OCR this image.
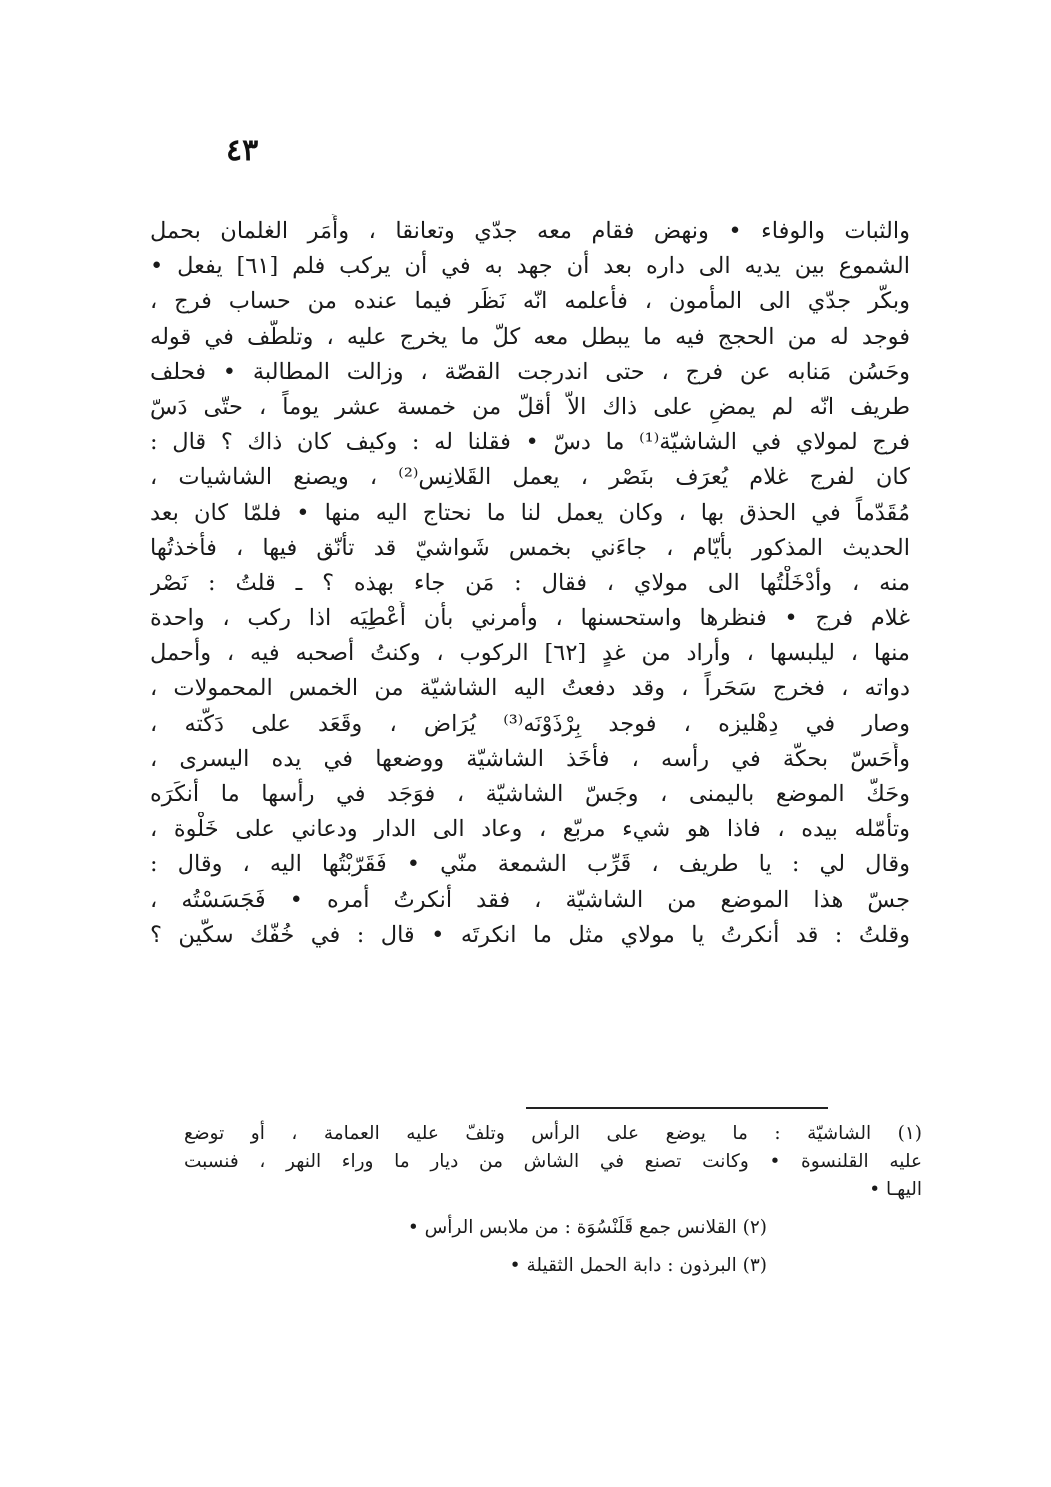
٤٣
والثبات والوفاء • ونهض فقام معه جدّي وتعانقا ، وأَمَر الغلمان بحمل
الشموع بين يديه الى داره بعد أن جهد به في أن يركب فلم [٦١] يفعل •
وبكّر جدّي الى المأمون ، فأعلمه انّه نَظَر فيما عنده من حساب فرج ،
فوجد له من الحجج فيه ما يبطل معه كلّ ما يخرج عليه ، وتلطّف في قوله
وحَسُن مَنابه عن فرج ، حتى اندرجت القصّة ، وزالت المطالبة • فحلف
طريف انّه لم يمضِ على ذاك الاّ أقلّ من خمسة عشر يوماً ، حتّى دَسّ
فرج لمولاي في الشاشيّة⁽¹⁾ ما دسّ • فقلنا له : وكيف كان ذاك ؟ قال :
كان لفرج غلام يُعرَف بنَصْر ، يعمل القَلانِس⁽²⁾ ، ويصنع الشاشيات ،
مُقَدّماً في الحذق بها ، وكان يعمل لنا ما نحتاج اليه منها • فلمّا كان بعد
الحديث المذكور بأيّام ، جاءَني بخمس شَواشيّ قد تأنّق فيها ، فأخذتُها
منه ، وأدْخَلْتُها الى مولاي ، فقال : مَن جاء بهذه ؟ ـ قلتُ : نَصْر
غلام فرج • فنظرها واستحسنها ، وأمرني بأن أُعْطِيَه اذا ركب ، واحدة
منها ، ليلبسها ، وأراد من غدٍ [٦٢] الركوب ، وكنتُ أصحبه فيه ، وأحمل
دواته ، فخرج سَحَراً ، وقد دفعتُ اليه الشاشيّة من الخمس المحمولات ،
وصار في دِهْليزه ، فوجد بِرْذَوْنَه⁽³⁾ يُرَاض ، وقَعَد على دَكّته ،
وأَحَسّ بحكّة في رأسه ، فأَخَذ الشاشيّة ووضعها في يده اليسرى ،
وحَكّ الموضع باليمنى ، وجَسّ الشاشيّة ، فوَجَد في رأسها ما أنكَرَه
وتأمّله بيده ، فاذا هو شيء مربّع ، وعاد الى الدار ودعاني على خَلْوة ،
وقال لي : يا طريف ، قَرِّب الشمعة منّي • فَقَرّبْتُها اليه ، وقال :
جسّ هذا الموضع من الشاشيّة ، فقد أنكرتُ أمره • فَجَسَسْتُه ،
وقلتُ : قد أنكرتُ يا مولاي مثل ما انكرتَه • قال : في خُفّك سكّين ؟
(١) الشاشيّة : ما يوضع على الرأس وتلفّ عليه العمامة ، أو توضع
عليه القلنسوة • وكانت تصنع في الشاش من ديار ما وراء النهر ، فنسبت
اليهـا •
(٢) القلانس جمع قَلَنْسُوَة : من ملابس الرأس •
(٣) البرذون : دابة الحمل الثقيلة •
